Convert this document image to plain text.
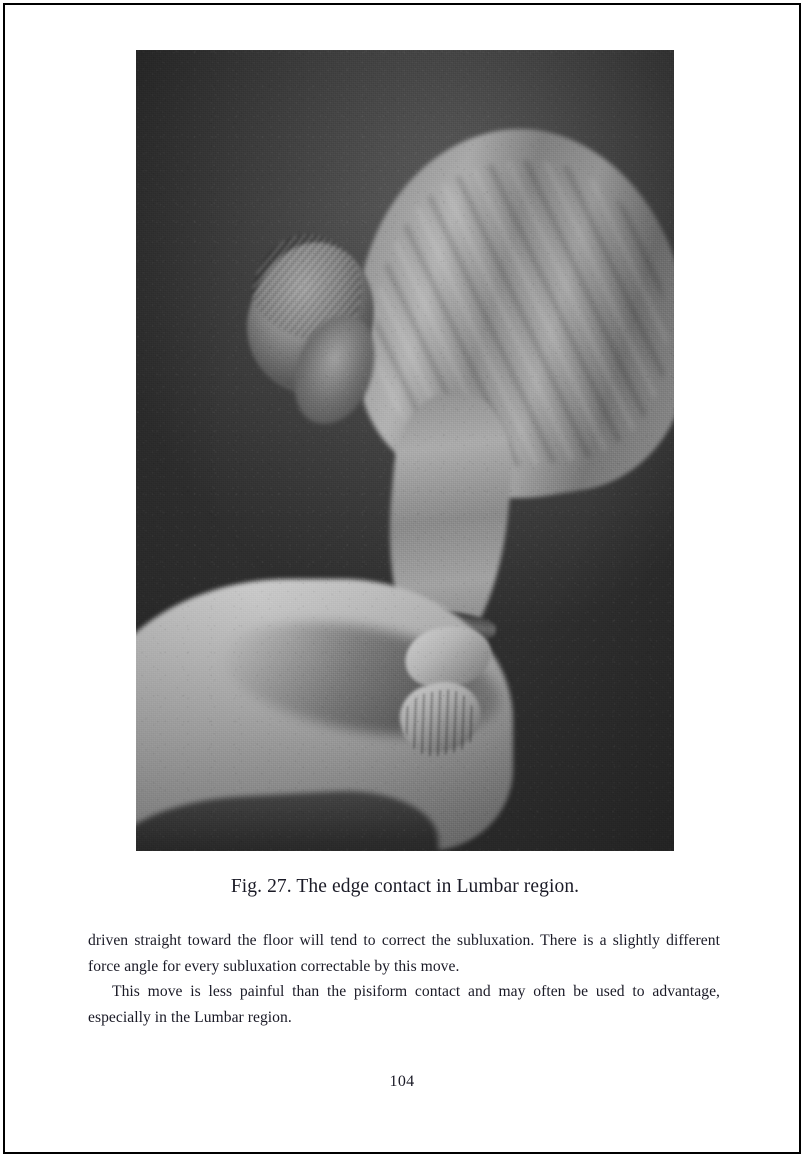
Fig. 27. The edge contact in Lumbar region.

driven straight toward the floor will tend to correct the subluxation. There is a slightly different force angle for every subluxation correctable by this move.

This move is less painful than the pisiform contact and may often be used to advantage, especially in the Lumbar region.

104
